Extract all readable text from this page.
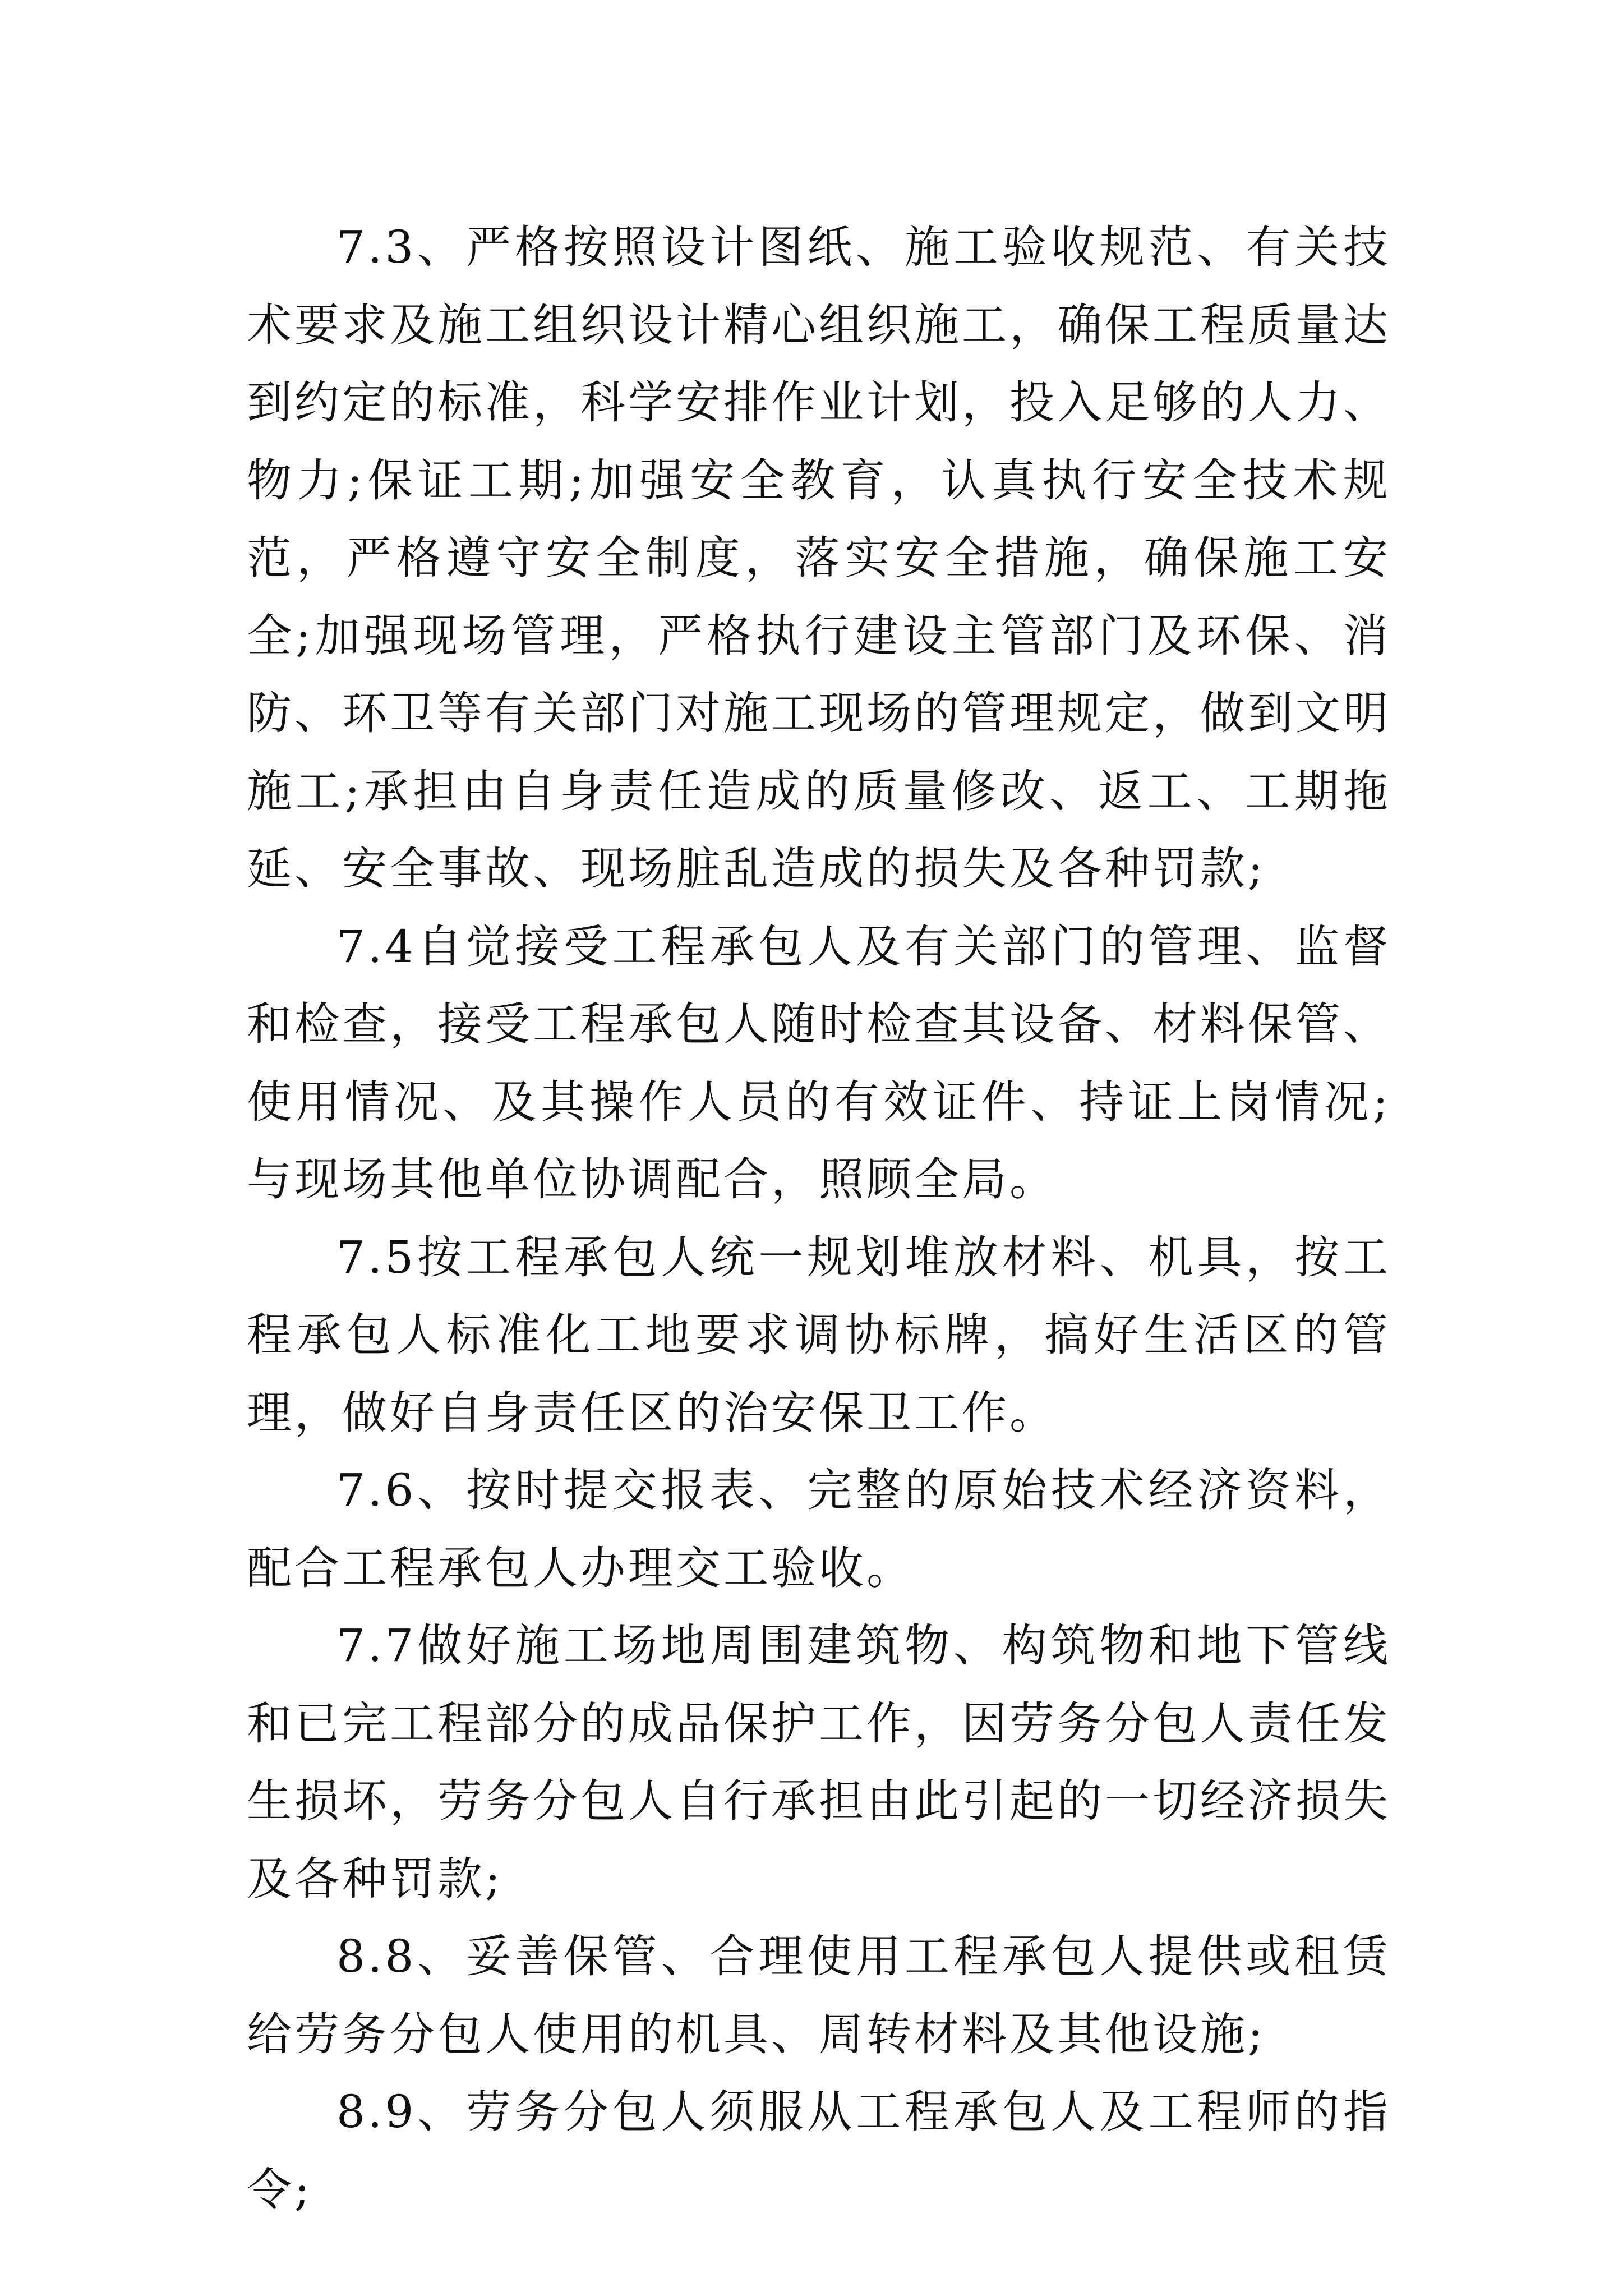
7.3、严格按照设计图纸、施工验收规范、有关技术要求及施工组织设计精心组织施工，确保工程质量达到约定的标准，科学安排作业计划，投入足够的人力、物力;保证工期;加强安全教育，认真执行安全技术规范，严格遵守安全制度，落实安全措施，确保施工安全;加强现场管理，严格执行建设主管部门及环保、消防、环卫等有关部门对施工现场的管理规定，做到文明施工;承担由自身责任造成的质量修改、返工、工期拖延、安全事故、现场脏乱造成的损失及各种罚款;

7.4自觉接受工程承包人及有关部门的管理、监督和检查，接受工程承包人随时检查其设备、材料保管、使用情况、及其操作人员的有效证件、持证上岗情况;与现场其他单位协调配合，照顾全局。

7.5按工程承包人统一规划堆放材料、机具，按工程承包人标准化工地要求调协标牌，搞好生活区的管理，做好自身责任区的治安保卫工作。

7.6、按时提交报表、完整的原始技术经济资料，配合工程承包人办理交工验收。

7.7做好施工场地周围建筑物、构筑物和地下管线和已完工程部分的成品保护工作，因劳务分包人责任发生损坏，劳务分包人自行承担由此引起的一切经济损失及各种罚款;

8.8、妥善保管、合理使用工程承包人提供或租赁给劳务分包人使用的机具、周转材料及其他设施;

8.9、劳务分包人须服从工程承包人及工程师的指令;
